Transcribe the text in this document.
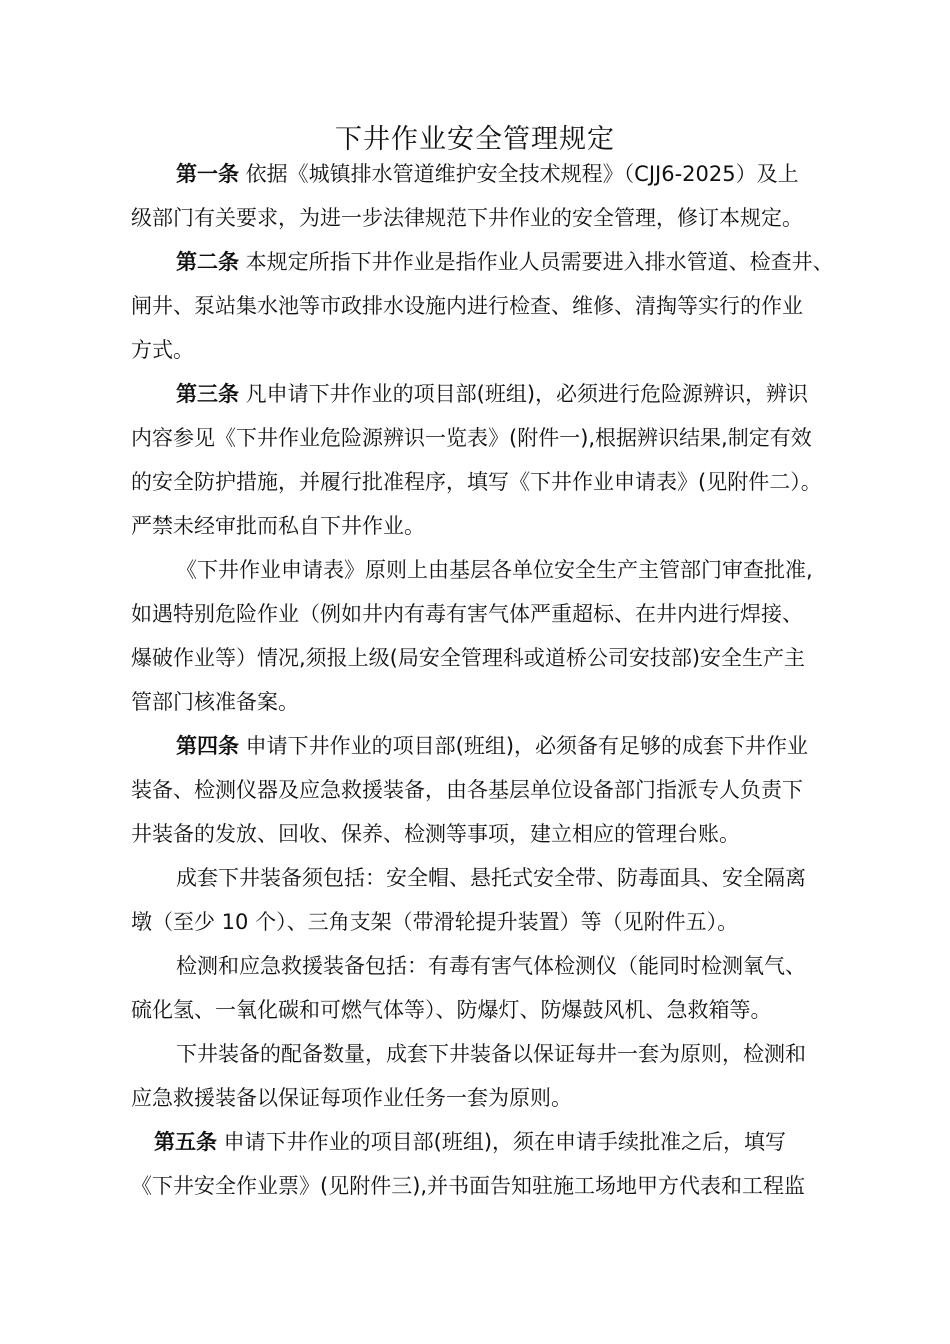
下井作业安全管理规定

第一条 依据《城镇排水管道维护安全技术规程》（CJJ6-2025）及上
级部门有关要求，为进一步法律规范下井作业的安全管理，修订本规定。

第二条 本规定所指下井作业是指作业人员需要进入排水管道、检查井、
闸井、泵站集水池等市政排水设施内进行检查、维修、清掏等实行的作业
方式。

第三条 凡申请下井作业的项目部(班组)，必须进行危险源辨识，辨识
内容参见《下井作业危险源辨识一览表》(附件一),根据辨识结果,制定有效
的安全防护措施，并履行批准程序，填写《下井作业申请表》(见附件二）。
严禁未经审批而私自下井作业。

《下井作业申请表》原则上由基层各单位安全生产主管部门审查批准,
如遇特别危险作业（例如井内有毒有害气体严重超标、在井内进行焊接、
爆破作业等）情况,须报上级(局安全管理科或道桥公司安技部)安全生产主
管部门核准备案。

第四条 申请下井作业的项目部(班组)，必须备有足够的成套下井作业
装备、检测仪器及应急救援装备，由各基层单位设备部门指派专人负责下
井装备的发放、回收、保养、检测等事项，建立相应的管理台账。

成套下井装备须包括：安全帽、悬托式安全带、防毒面具、安全隔离
墩（至少 10 个）、三角支架（带滑轮提升装置）等（见附件五）。

检测和应急救援装备包括：有毒有害气体检测仪（能同时检测氧气、
硫化氢、一氧化碳和可燃气体等）、防爆灯、防爆鼓风机、急救箱等。

下井装备的配备数量，成套下井装备以保证每井一套为原则，检测和
应急救援装备以保证每项作业任务一套为原则。

第五条 申请下井作业的项目部(班组)，须在申请手续批准之后，填写
《下井安全作业票》(见附件三),并书面告知驻施工场地甲方代表和工程监
